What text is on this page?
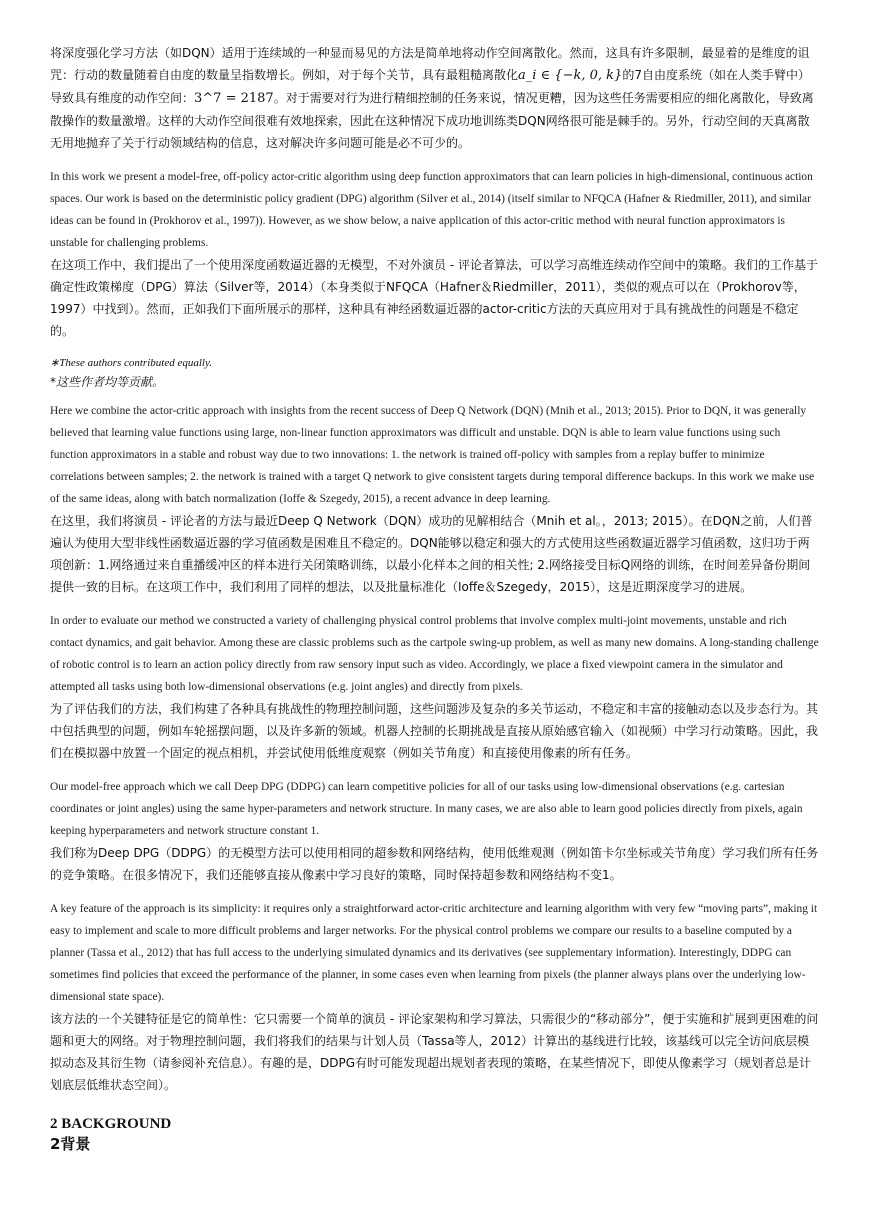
将深度强化学习方法（如DQN）适用于连续域的一种显而易见的方法是简单地将动作空间离散化。然而，这具有许多限制，最显着的是维度的诅咒：行动的数量随着自由度的数量呈指数增长。例如，对于每个关节，具有最粗糙离散化a_i ∈ {−k, 0, k}的7自由度系统（如在人类手臂中）导致具有维度的动作空间：3^7 = 2187。对于需要对行为进行精细控制的任务来说，情况更糟，因为这些任务需要相应的细化离散化，导致离散操作的数量激增。这样的大动作空间很难有效地探索，因此在这种情况下成功地训练类DQN网络很可能是棘手的。另外，行动空间的天真离散无用地抛弃了关于行动领域结构的信息，这对解决许多问题可能是必不可少的。

In this work we present a model-free, off-policy actor-critic algorithm using deep function approximators that can learn policies in high-dimensional, continuous action spaces. Our work is based on the deterministic policy gradient (DPG) algorithm (Silver et al., 2014) (itself similar to NFQCA (Hafner & Riedmiller, 2011), and similar ideas can be found in (Prokhorov et al., 1997)). However, as we show below, a naive application of this actor-critic method with neural function approximators is unstable for challenging problems.

在这项工作中，我们提出了一个使用深度函数逼近器的无模型，不对外演员 - 评论者算法，可以学习高维连续动作空间中的策略。我们的工作基于确定性政策梯度（DPG）算法（Silver等，2014）（本身类似于NFQCA（Hafner＆Riedmiller，2011），类似的观点可以在（Prokhorov等，1997）中找到）。然而，正如我们下面所展示的那样，这种具有神经函数逼近器的actor-critic方法的天真应用对于具有挑战性的问题是不稳定的。

∗These authors contributed equally.

*这些作者均等贡献。

Here we combine the actor-critic approach with insights from the recent success of Deep Q Network (DQN) (Mnih et al., 2013; 2015). Prior to DQN, it was generally believed that learning value functions using large, non-linear function approximators was difficult and unstable. DQN is able to learn value functions using such function approximators in a stable and robust way due to two innovations: 1. the network is trained off-policy with samples from a replay buffer to minimize correlations between samples; 2. the network is trained with a target Q network to give consistent targets during temporal difference backups. In this work we make use of the same ideas, along with batch normalization (Ioffe & Szegedy, 2015), a recent advance in deep learning.

在这里，我们将演员 - 评论者的方法与最近Deep Q Network（DQN）成功的见解相结合（Mnih et al。，2013; 2015）。在DQN之前，人们普遍认为使用大型非线性函数逼近器的学习值函数是困难且不稳定的。DQN能够以稳定和强大的方式使用这些函数逼近器学习值函数，这归功于两项创新：1.网络通过来自重播缓冲区的样本进行关闭策略训练，以最小化样本之间的相关性; 2.网络接受目标Q网络的训练，在时间差异备份期间提供一致的目标。在这项工作中，我们利用了同样的想法，以及批量标准化（Ioffe＆Szegedy，2015），这是近期深度学习的进展。

In order to evaluate our method we constructed a variety of challenging physical control problems that involve complex multi-joint movements, unstable and rich contact dynamics, and gait behavior. Among these are classic problems such as the cartpole swing-up problem, as well as many new domains. A long-standing challenge of robotic control is to learn an action policy directly from raw sensory input such as video. Accordingly, we place a fixed viewpoint camera in the simulator and attempted all tasks using both low-dimensional observations (e.g. joint angles) and directly from pixels.

为了评估我们的方法，我们构建了各种具有挑战性的物理控制问题，这些问题涉及复杂的多关节运动，不稳定和丰富的接触动态以及步态行为。其中包括典型的问题，例如车轮摇摆问题，以及许多新的领域。机器人控制的长期挑战是直接从原始感官输入（如视频）中学习行动策略。因此，我们在模拟器中放置一个固定的视点相机，并尝试使用低维度观察（例如关节角度）和直接使用像素的所有任务。

Our model-free approach which we call Deep DPG (DDPG) can learn competitive policies for all of our tasks using low-dimensional observations (e.g. cartesian coordinates or joint angles) using the same hyper-parameters and network structure. In many cases, we are also able to learn good policies directly from pixels, again keeping hyperparameters and network structure constant 1.

我们称为Deep DPG（DDPG）的无模型方法可以使用相同的超参数和网络结构，使用低维观测（例如笛卡尔坐标或关节角度）学习我们所有任务的竞争策略。在很多情况下，我们还能够直接从像素中学习良好的策略，同时保持超参数和网络结构不变1。

A key feature of the approach is its simplicity: it requires only a straightforward actor-critic architecture and learning algorithm with very few “moving parts”, making it easy to implement and scale to more difficult problems and larger networks. For the physical control problems we compare our results to a baseline computed by a planner (Tassa et al., 2012) that has full access to the underlying simulated dynamics and its derivatives (see supplementary information). Interestingly, DDPG can sometimes find policies that exceed the performance of the planner, in some cases even when learning from pixels (the planner always plans over the underlying low-dimensional state space).

该方法的一个关键特征是它的简单性：它只需要一个简单的演员 - 评论家架构和学习算法，只需很少的“移动部分”，便于实施和扩展到更困难的问题和更大的网络。对于物理控制问题，我们将我们的结果与计划人员（Tassa等人，2012）计算出的基线进行比较，该基线可以完全访问底层模拟动态及其衍生物（请参阅补充信息）。有趣的是，DDPG有时可能发现超出规划者表现的策略，在某些情况下，即使从像素学习（规划者总是计划底层低维状态空间）。

2 BACKGROUND
2背景
